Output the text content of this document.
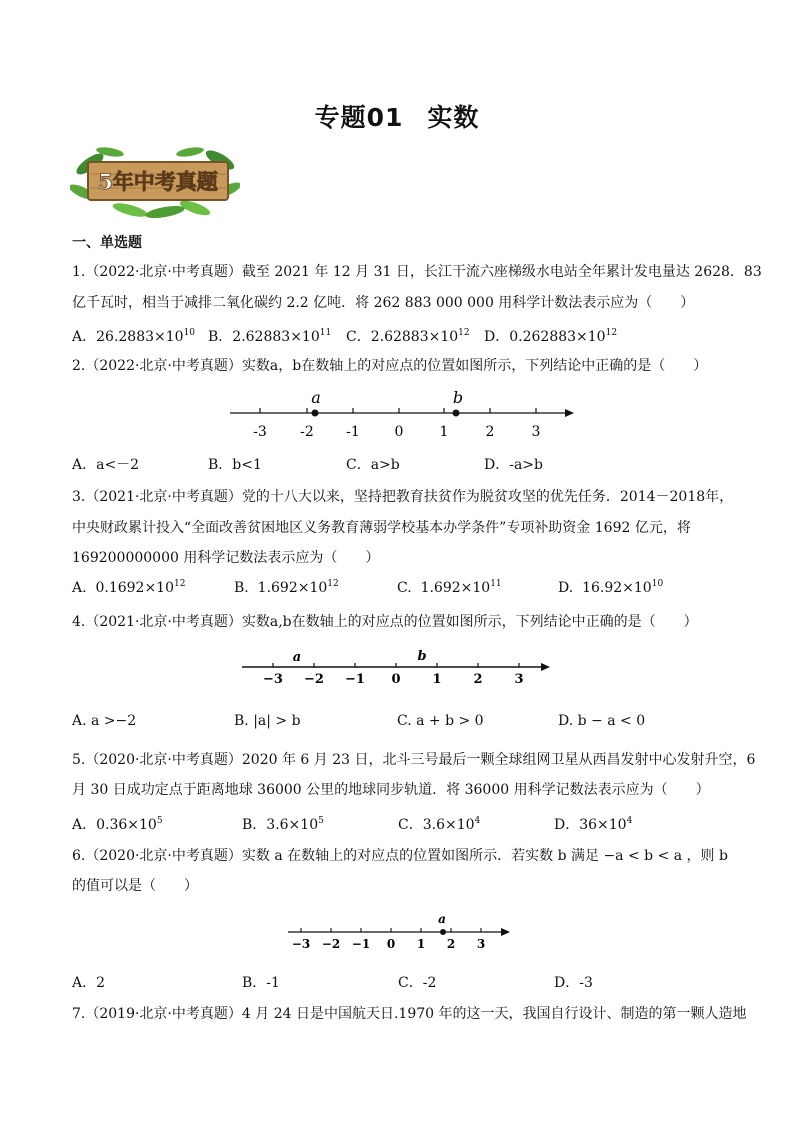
专题01 实数
5年中考真题
一、单选题
1.（2022·北京·中考真题）截至 2021 年 12 月 31 日，长江干流六座梯级水电站全年累计发电量达 2628．83
亿千瓦时，相当于减排二氧化碳约 2.2 亿吨．将 262 883 000 000 用科学计数法表示应为（　　）
A．$26.2883\times 10^{10}$ B．$2.62883\times 10^{11}$ C．$2.62883\times 10^{12}$ D．$0.262883\times 10^{12}$
2.（2022·北京·中考真题）实数a，b在数轴上的对应点的位置如图所示，下列结论中正确的是（　　）
a	b
-3 -2 -1 0	1	2	3
A．a<－2	B．b<1	C．a>b	D．-a>b
3.（2021·北京·中考真题）党的十八大以来，坚持把教育扶贫作为脱贫攻坚的优先任务．2014－2018年，
中央财政累计投入“全面改善贫困地区义务教育薄弱学校基本办学条件”专项补助资金 1692 亿元，将
169200000000 用科学记数法表示应为（　　）
A. $0.1692\times 10^{12}$	B. $1.692\times 10^{12}$	C. $1.692\times 10^{11}$	D. $16.92\times 10^{10}$
4.（2021·北京·中考真题）实数a,b在数轴上的对应点的位置如图所示，下列结论中正确的是（　　）
a	b
−3 −2 −1 0 1 2 3
A. a >−2	B. |a| > b	C. a + b > 0	D. b − a < 0
5.（2020·北京·中考真题）2020 年 6 月 23 日，北斗三号最后一颗全球组网卫星从西昌发射中心发射升空，6
月 30 日成功定点于距离地球 36000 公里的地球同步轨道．将 36000 用科学记数法表示应为（　　）
A．$0.36\times 10^5$	B．$3.6\times 10^5$	C．$3.6\times 10^4$	D．$36\times 10^4$
6.（2020·北京·中考真题）实数 a 在数轴上的对应点的位置如图所示．若实数 b 满足 −a < b < a ，则 b
的值可以是（　　）
a
−3 −2 −1 0 1 2 3
A．2	B．-1	C．-2	D．-3
7.（2019·北京·中考真题）4 月 24 日是中国航天日.1970 年的这一天，我国自行设计、制造的第一颗人造地
